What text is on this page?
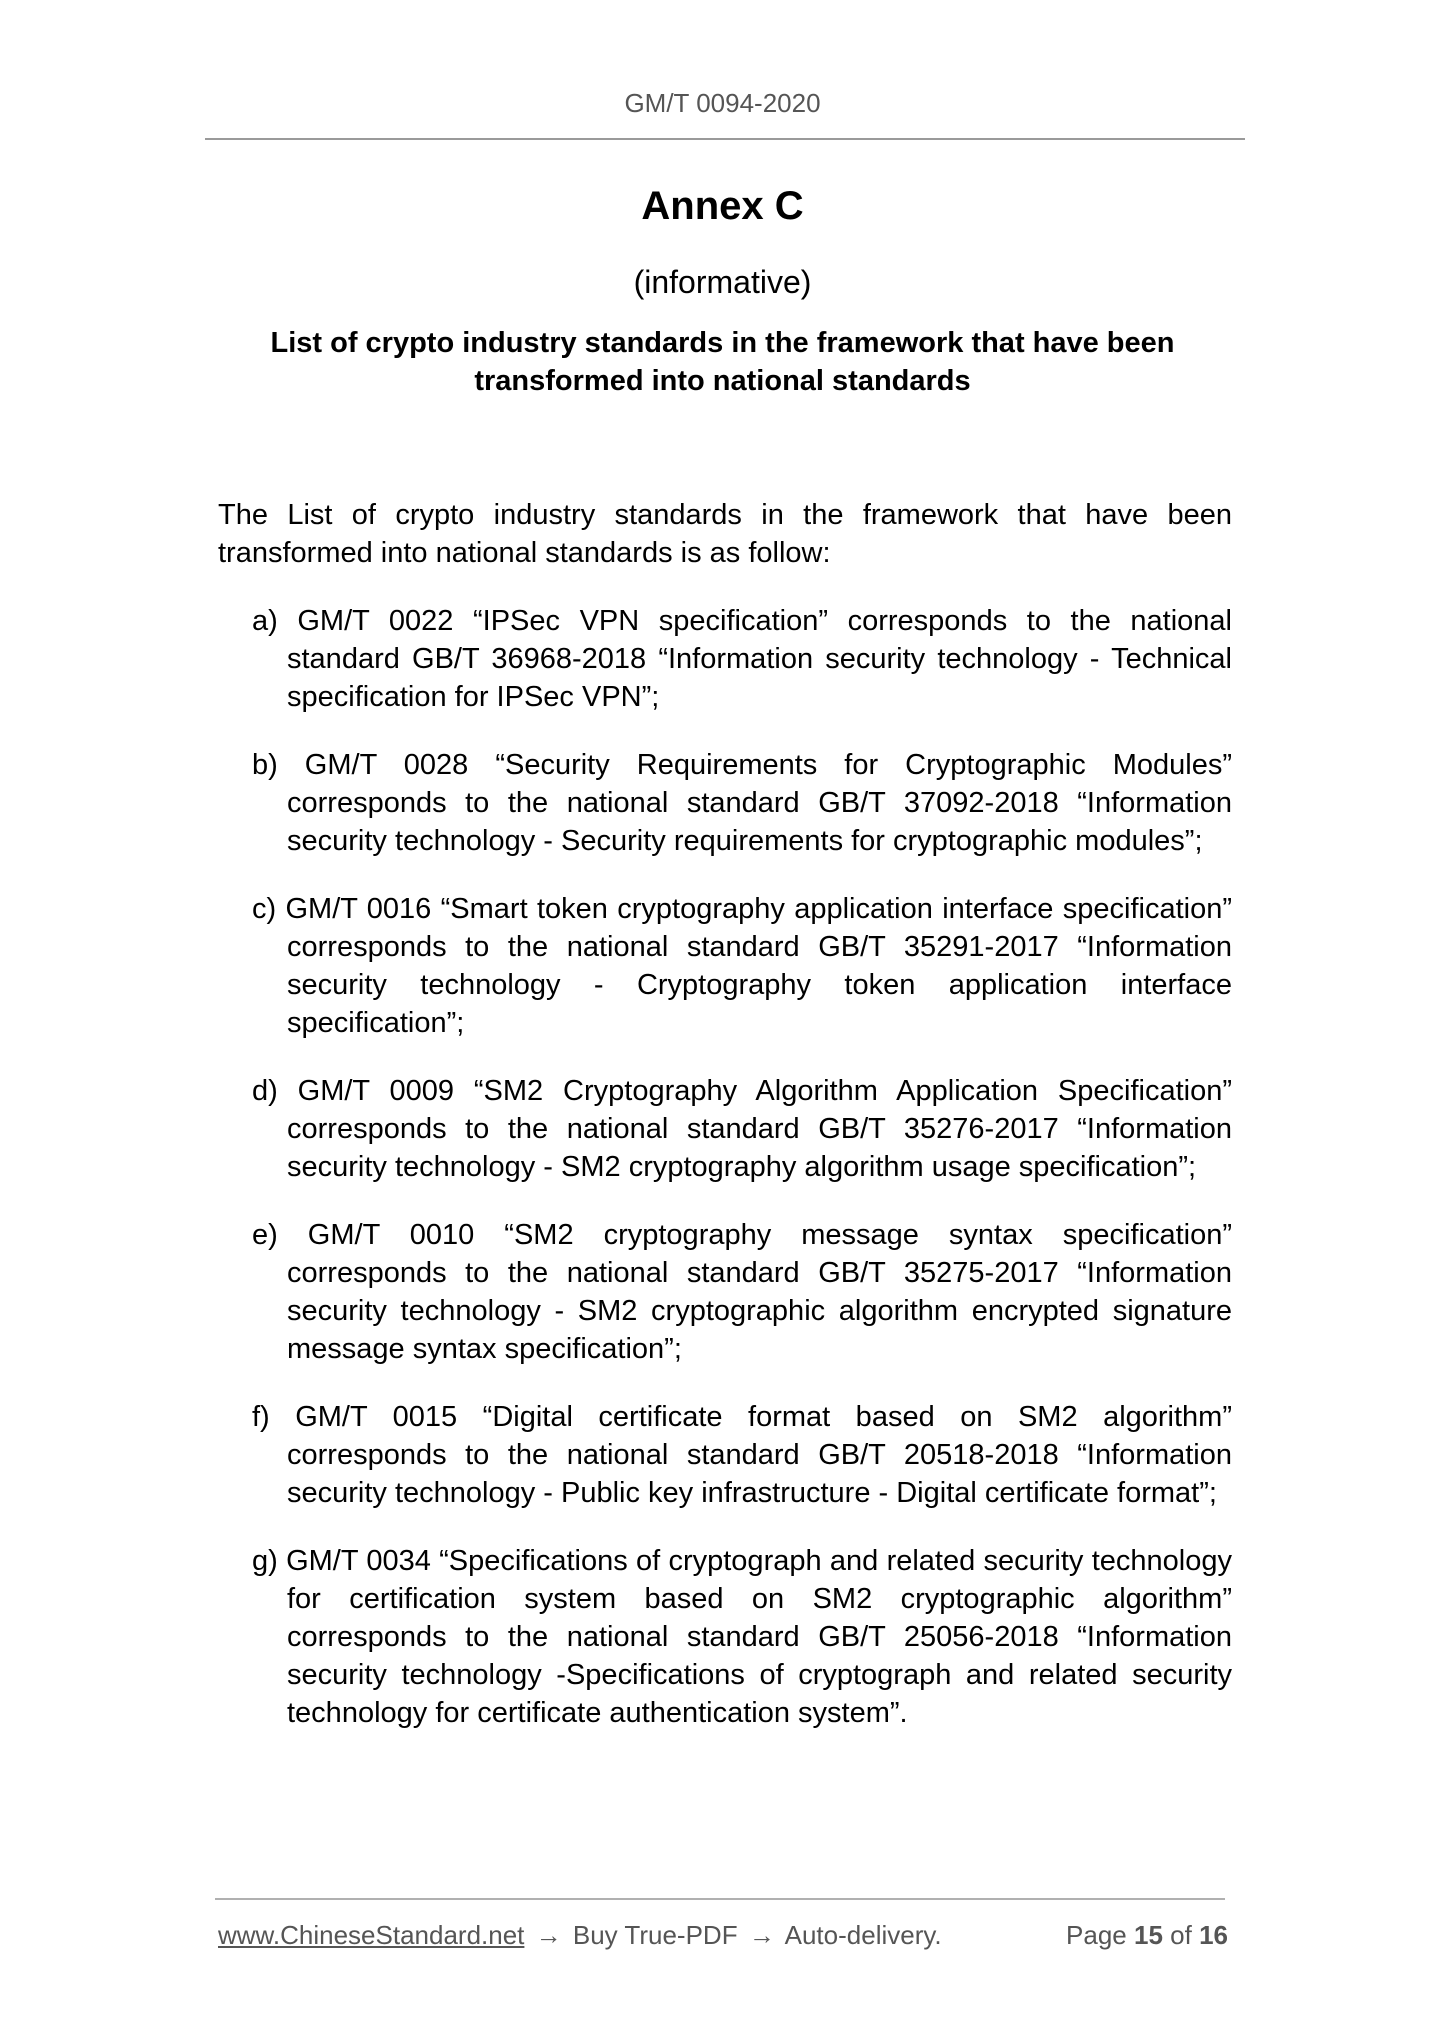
GM/T 0094-2020
Annex C
(informative)
List of crypto industry standards in the framework that have been transformed into national standards

The List of crypto industry standards in the framework that have been transformed into national standards is as follow:

a) GM/T 0022 “IPSec VPN specification” corresponds to the national standard GB/T 36968-2018 “Information security technology - Technical specification for IPSec VPN”;
b) GM/T 0028 “Security Requirements for Cryptographic Modules” corresponds to the national standard GB/T 37092-2018 “Information security technology - Security requirements for cryptographic modules”;
c) GM/T 0016 “Smart token cryptography application interface specification” corresponds to the national standard GB/T 35291-2017 “Information security technology - Cryptography token application interface specification”;
d) GM/T 0009 “SM2 Cryptography Algorithm Application Specification” corresponds to the national standard GB/T 35276-2017 “Information security technology - SM2 cryptography algorithm usage specification”;
e) GM/T 0010 “SM2 cryptography message syntax specification” corresponds to the national standard GB/T 35275-2017 “Information security technology - SM2 cryptographic algorithm encrypted signature message syntax specification”;
f) GM/T 0015 “Digital certificate format based on SM2 algorithm” corresponds to the national standard GB/T 20518-2018 “Information security technology - Public key infrastructure - Digital certificate format”;
g) GM/T 0034 “Specifications of cryptograph and related security technology for certification system based on SM2 cryptographic algorithm” corresponds to the national standard GB/T 25056-2018 “Information security technology -Specifications of cryptograph and related security technology for certificate authentication system”.
www.ChineseStandard.net → Buy True-PDF → Auto-delivery.	Page 15 of 16
